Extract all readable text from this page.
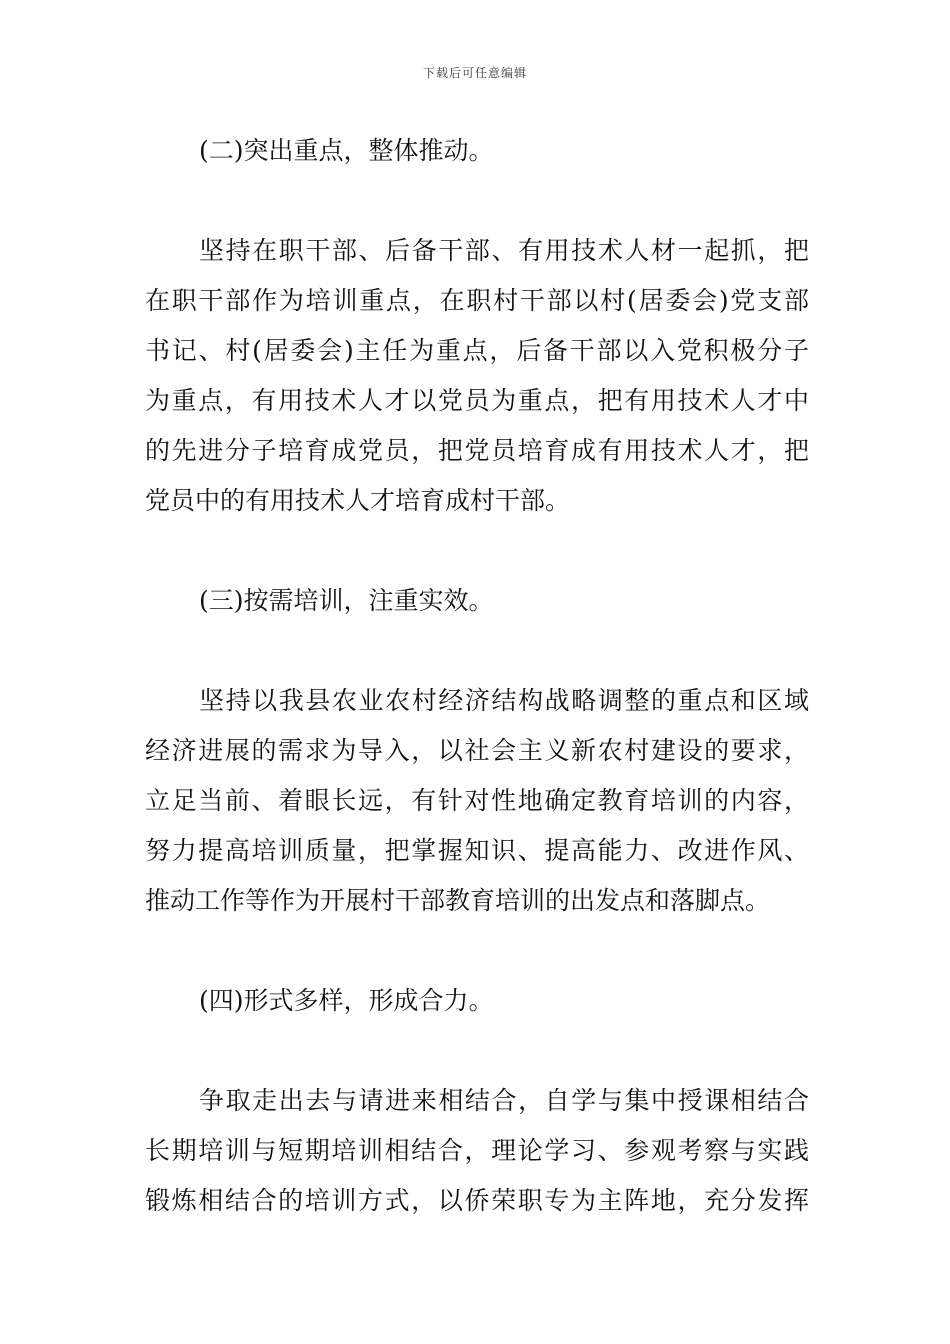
下载后可任意编辑

(二)突出重点，整体推动。

坚持在职干部、后备干部、有用技术人材一起抓，把
在职干部作为培训重点，在职村干部以村(居委会)党支部
书记、村(居委会)主任为重点，后备干部以入党积极分子
为重点，有用技术人才以党员为重点，把有用技术人才中
的先进分子培育成党员，把党员培育成有用技术人才，把
党员中的有用技术人才培育成村干部。

(三)按需培训，注重实效。

坚持以我县农业农村经济结构战略调整的重点和区域
经济进展的需求为导入，以社会主义新农村建设的要求，
立足当前、着眼长远，有针对性地确定教育培训的内容，
努力提高培训质量，把掌握知识、提高能力、改进作风、
推动工作等作为开展村干部教育培训的出发点和落脚点。

(四)形式多样，形成合力。

争取走出去与请进来相结合，自学与集中授课相结合
长期培训与短期培训相结合，理论学习、参观考察与实践
锻炼相结合的培训方式，以侨荣职专为主阵地，充分发挥
